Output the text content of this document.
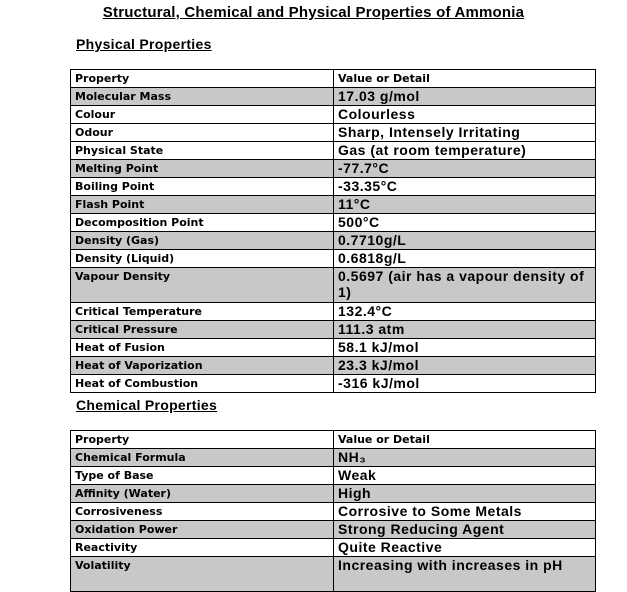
Structural, Chemical and Physical Properties of Ammonia
Physical Properties
Property	Value or Detail
Molecular Mass	17.03 g/mol
Colour	Colourless
Odour	Sharp, Intensely Irritating
Physical State	Gas (at room temperature)
Melting Point	-77.7°C
Boiling Point	-33.35°C
Flash Point	11°C
Decomposition Point	500°C
Density (Gas)	0.7710g/L
Density (Liquid)	0.6818g/L
Vapour Density	0.5697 (air has a vapour density of 1)
Critical Temperature	132.4°C
Critical Pressure	111.3 atm
Heat of Fusion	58.1 kJ/mol
Heat of Vaporization	23.3 kJ/mol
Heat of Combustion	-316 kJ/mol
Chemical Properties
Property	Value or Detail
Chemical Formula	NH₃
Type of Base	Weak
Affinity (Water)	High
Corrosiveness	Corrosive to Some Metals
Oxidation Power	Strong Reducing Agent
Reactivity	Quite Reactive
Volatility	Increasing with increases in pH
